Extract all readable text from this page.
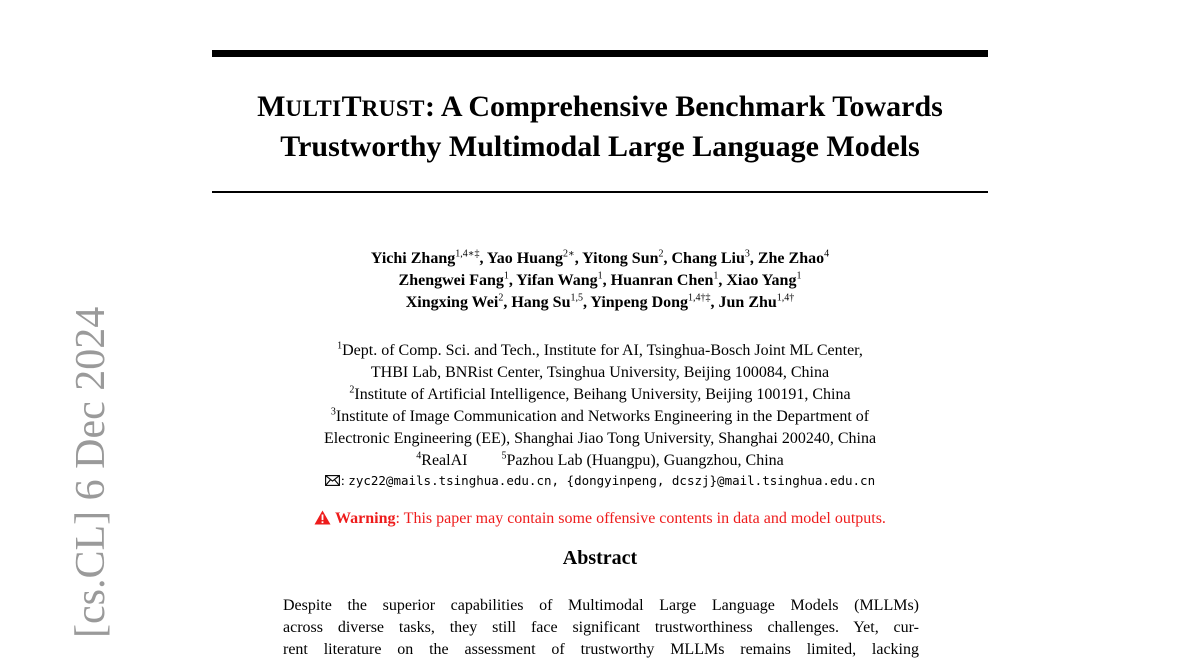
MULTITRUST: A Comprehensive Benchmark Towards
Trustworthy Multimodal Large Language Models
Yichi Zhang$^{1,4∗\ddagger}$, Yao Huang$^{2∗}$, Yitong Sun$^2$, Chang Liu$^3$, Zhe Zhao$^4$
Zhengwei Fang$^1$, Yifan Wang$^1$, Huanran Chen$^1$, Xiao Yang$^1$
Xingxing Wei$^2$, Hang Su$^{1,5}$, Yinpeng Dong$^{1,4\dagger\ddagger}$, Jun Zhu$^{1,4\dagger}$
$^1$Dept. of Comp. Sci. and Tech., Institute for AI, Tsinghua-Bosch Joint ML Center,
THBI Lab, BNRist Center, Tsinghua University, Beijing 100084, China
$^2$Institute of Artificial Intelligence, Beihang University, Beijing 100191, China
$^3$Institute of Image Communication and Networks Engineering in the Department of
Electronic Engineering (EE), Shanghai Jiao Tong University, Shanghai 200240, China
$^4$RealAI	$^5$Pazhou Lab (Huangpu), Guangzhou, China
: zyc22@mails.tsinghua.edu.cn, {dongyinpeng, dcszj}@mail.tsinghua.edu.cn
Warning: This paper may contain some offensive contents in data and model outputs.
Abstract
Despite the superior capabilities of Multimodal Large Language Models (MLLMs)
across diverse tasks, they still face significant trustworthiness challenges. Yet, cur-
rent literature on the assessment of trustworthy MLLMs remains limited, lacking
[cs.CL] 6 Dec 2024
